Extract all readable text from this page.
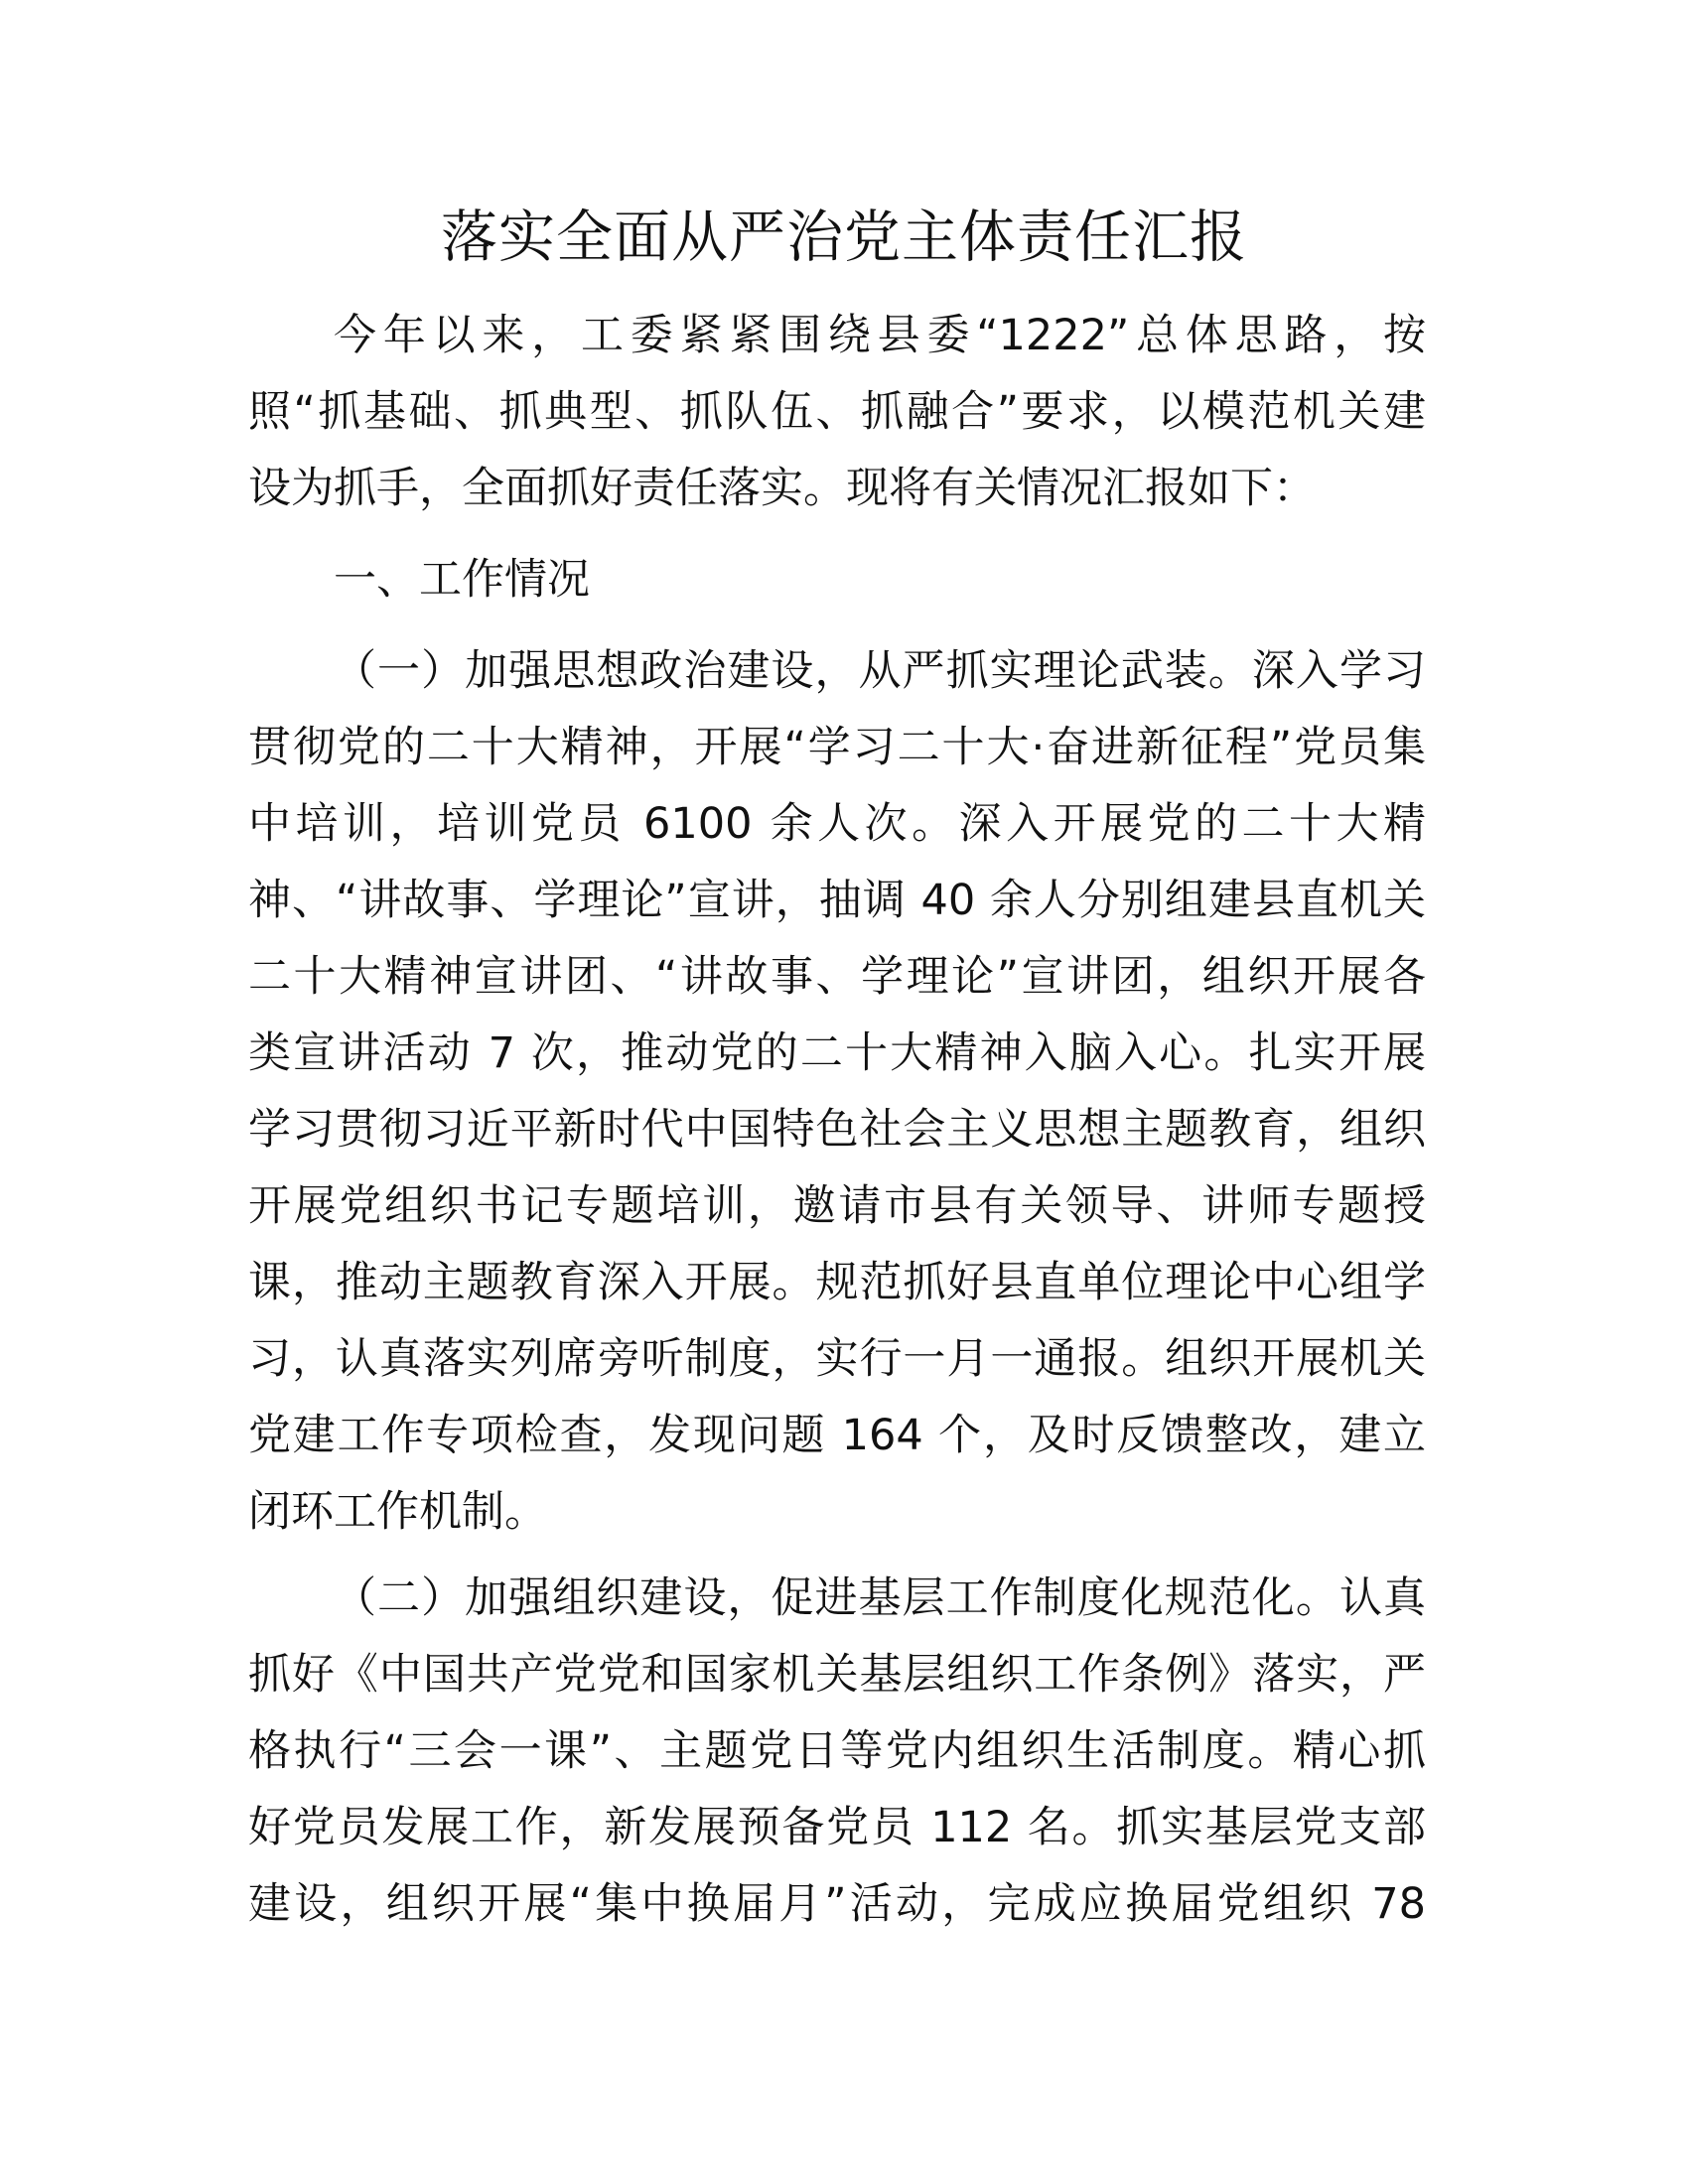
落实全面从严治党主体责任汇报
今年以来，工委紧紧围绕县委“1222”总体思路，按
照“抓基础、抓典型、抓队伍、抓融合”要求，以模范机关建
设为抓手，全面抓好责任落实。现将有关情况汇报如下：
一、工作情况
（一）加强思想政治建设，从严抓实理论武装。深入学习
贯彻党的二十大精神，开展“学习二十大·奋进新征程”党员集
中培训，培训党员 6100 余人次。深入开展党的二十大精
神、“讲故事、学理论”宣讲，抽调 40 余人分别组建县直机关
二十大精神宣讲团、“讲故事、学理论”宣讲团，组织开展各
类宣讲活动 7 次，推动党的二十大精神入脑入心。扎实开展
学习贯彻习近平新时代中国特色社会主义思想主题教育，组织
开展党组织书记专题培训，邀请市县有关领导、讲师专题授
课，推动主题教育深入开展。规范抓好县直单位理论中心组学
习，认真落实列席旁听制度，实行一月一通报。组织开展机关
党建工作专项检查，发现问题 164 个，及时反馈整改，建立
闭环工作机制。
（二）加强组织建设，促进基层工作制度化规范化。认真
抓好《中国共产党党和国家机关基层组织工作条例》落实，严
格执行“三会一课”、主题党日等党内组织生活制度。精心抓
好党员发展工作，新发展预备党员 112 名。抓实基层党支部
建设，组织开展“集中换届月”活动，完成应换届党组织 78
